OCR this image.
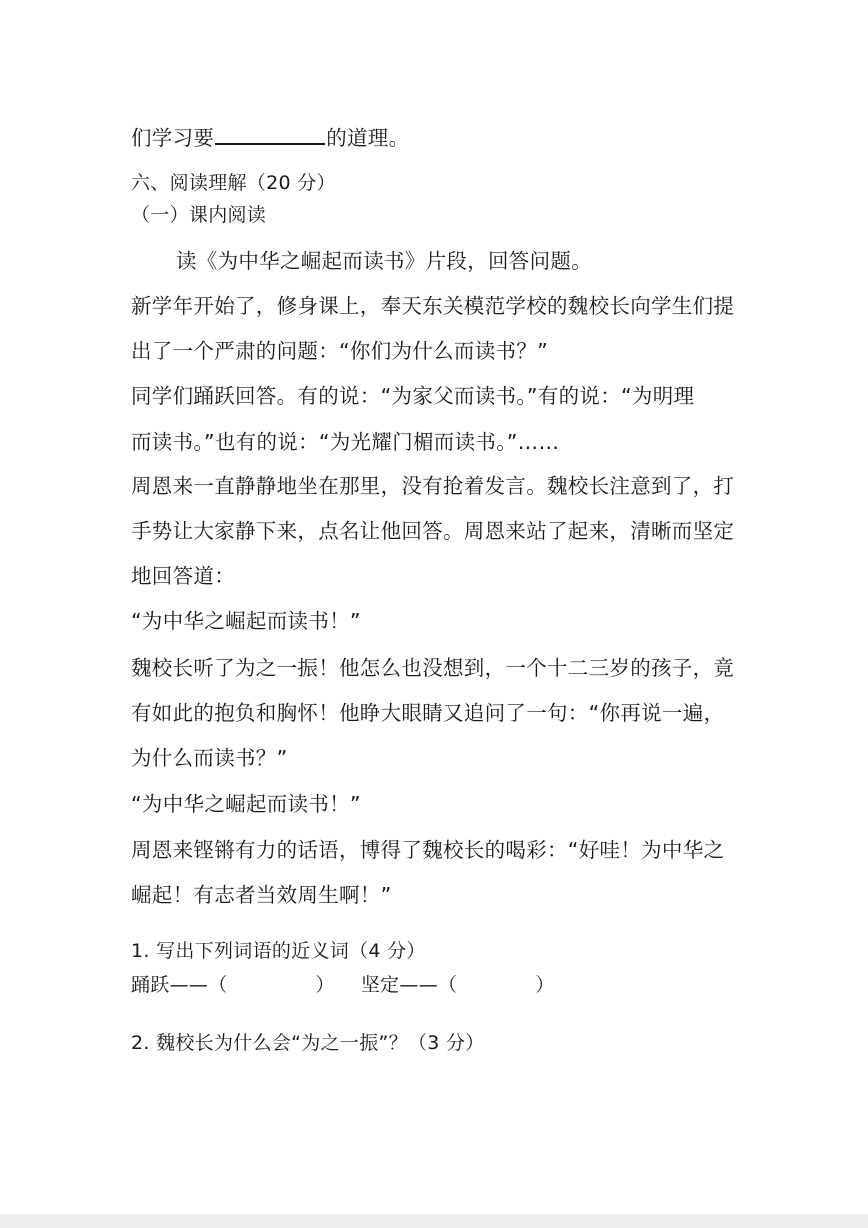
们学习要	的道理。
六、阅读理解（20 分）
（一）课内阅读
读《为中华之崛起而读书》片段，回答问题。
新学年开始了，修身课上，奉天东关模范学校的魏校长向学生们提
出了一个严肃的问题：“你们为什么而读书？”
同学们踊跃回答。有的说：“为家父而读书。”有的说：“为明理
而读书。”也有的说：“为光耀门楣而读书。”……
周恩来一直静静地坐在那里，没有抢着发言。魏校长注意到了，打
手势让大家静下来，点名让他回答。周恩来站了起来，清晰而坚定
地回答道：
“为中华之崛起而读书！”
魏校长听了为之一振！他怎么也没想到，一个十二三岁的孩子，竟
有如此的抱负和胸怀！他睁大眼睛又追问了一句：“你再说一遍，
为什么而读书？”
“为中华之崛起而读书！”
周恩来铿锵有力的话语，博得了魏校长的喝彩：“好哇！为中华之
崛起！有志者当效周生啊！”
1. 写出下列词语的近义词（4 分）
踊跃——（	） 坚定——（	）
2. 魏校长为什么会“为之一振”？（3 分）
